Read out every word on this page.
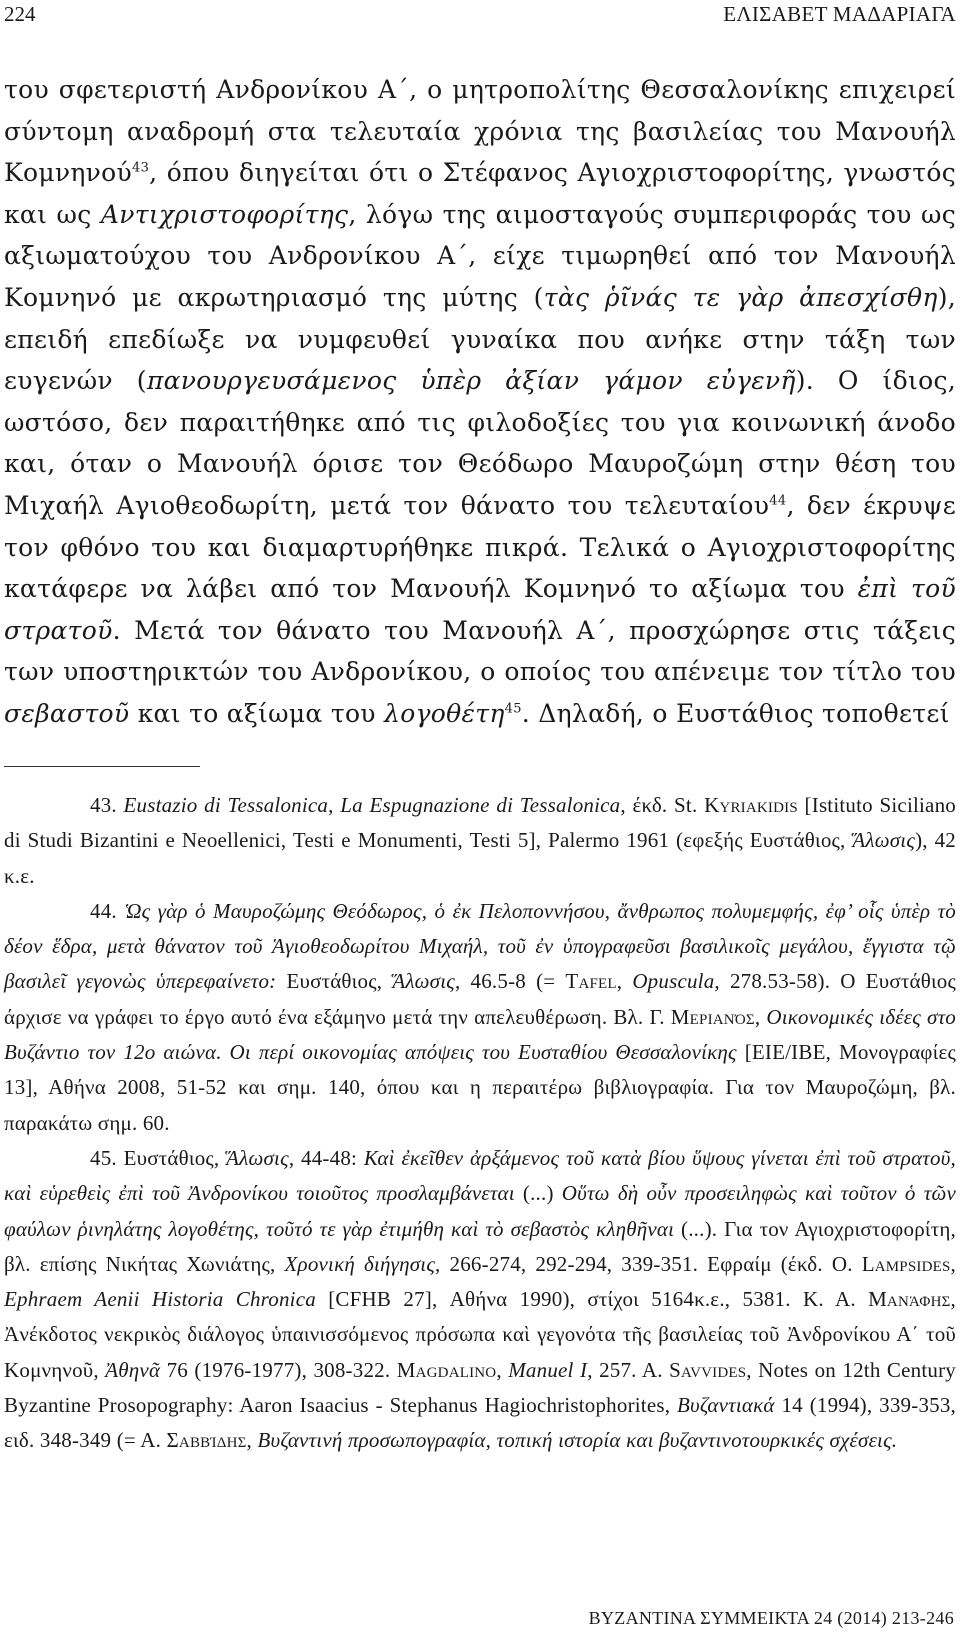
224	ΕΛΙΣΑΒΕΤ ΜΑΔΑΡΙΑΓΑ

του σφετεριστή Ανδρονίκου Α΄, ο μητροπολίτης Θεσσαλονίκης επιχειρεί σύντομη αναδρομή στα τελευταία χρόνια της βασιλείας του Μανουήλ Κομνηνού$^{43}$, όπου διηγείται ότι ο Στέφανος Αγιοχριστοφορίτης, γνωστός και ως Αντιχριστοφορίτης, λόγω της αιμοσταγούς συμπεριφοράς του ως αξιωματούχου του Ανδρονίκου Α΄, είχε τιμωρηθεί από τον Μανουήλ Κομνηνό με ακρωτηριασμό της μύτης (τὰς ῥῖνάς τε γὰρ ἀπεσχίσθη), επειδή επεδίωξε να νυμφευθεί γυναίκα που ανήκε στην τάξη των ευγενών (πανουργευσάμενος ὑπὲρ ἀξίαν γάμον εὐγενῆ). Ο ίδιος, ωστόσο, δεν παραιτήθηκε από τις φιλοδοξίες του για κοινωνική άνοδο και, όταν ο Μανουήλ όρισε τον Θεόδωρο Μαυροζώμη στην θέση του Μιχαήλ Αγιοθεοδωρίτη, μετά τον θάνατο του τελευταίου$^{44}$, δεν έκρυψε τον φθόνο του και διαμαρτυρήθηκε πικρά. Τελικά ο Αγιοχριστοφορίτης κατάφερε να λάβει από τον Μανουήλ Κομνηνό το αξίωμα του ἐπὶ τοῦ στρατοῦ. Μετά τον θάνατο του Μανουήλ Α΄, προσχώρησε στις τάξεις των υποστηρικτών του Ανδρονίκου, ο οποίος του απένειμε τον τίτλο του σεβαστοῦ και το αξίωμα του λογοθέτη$^{45}$. Δηλαδή, ο Ευστάθιος τοποθετεί

43. Eustazio di Tessalonica, La Espugnazione di Tessalonica, έκδ. St. Kyriakidis [Istituto Siciliano di Studi Bizantini e Neoellenici, Testi e Monumenti, Testi 5], Palermo 1961 (εφεξής Ευστάθιος, Ἅλωσις), 42 κ.ε.

44. Ὡς γὰρ ὁ Μαυροζώμης Θεόδωρος, ὁ ἐκ Πελοποννήσου, ἄνθρωπος πολυμεμφής, ἐφ’ οἷς ὑπὲρ τὸ δέον ἕδρα, μετὰ θάνατον τοῦ Ἁγιοθεοδωρίτου Μιχαήλ, τοῦ ἐν ὑπογραφεῦσι βασιλικοῖς μεγάλου, ἔγγιστα τῷ βασιλεῖ γεγονὼς ὑπερεφαίνετο: Ευστάθιος, Ἅλωσις, 46.5-8 (= Tafel, Opuscula, 278.53-58). Ο Ευστάθιος άρχισε να γράφει το έργο αυτό ένα εξάμηνο μετά την απελευθέρωση. Βλ. Γ. Μεριανός, Οικονομικές ιδέες στο Βυζάντιο τον 12ο αιώνα. Οι περί οικονομίας απόψεις του Ευσταθίου Θεσσαλονίκης [ΕΙΕ/ΙΒΕ, Μονογραφίες 13], Αθήνα 2008, 51-52 και σημ. 140, όπου και η περαιτέρω βιβλιογραφία. Για τον Μαυροζώμη, βλ. παρακάτω σημ. 60.

45. Ευστάθιος, Ἅλωσις, 44-48: Καὶ ἐκεῖθεν ἀρξάμενος τοῦ κατὰ βίου ὕψους γίνεται ἐπὶ τοῦ στρατοῦ, καὶ εὑρεθεὶς ἐπὶ τοῦ Ἀνδρονίκου τοιοῦτος προσλαμβάνεται (...) Οὕτω δὴ οὖν προσειληφὼς καὶ τοῦτον ὁ τῶν φαύλων ῥινηλάτης λογοθέτης, τοῦτό τε γὰρ ἐτιμήθη καὶ τὸ σεβαστὸς κληθῆναι (...). Για τον Αγιοχριστοφορίτη, βλ. επίσης Νικήτας Χωνιάτης, Χρονική διήγησις, 266-274, 292-294, 339-351. Εφραίμ (έκδ. O. Lampsides, Ephraem Aenii Historia Chronica [CFHB 27], Αθήνα 1990), στίχοι 5164κ.ε., 5381. Κ. Α. Μανάφης, Ἀνέκδοτος νεκρικὸς διάλογος ὑπαινισσόμενος πρόσωπα καὶ γεγονότα τῆς βασιλείας τοῦ Ἀνδρονίκου Α΄ τοῦ Κομνηνοῦ, Ἀθηνᾶ 76 (1976-1977), 308-322. Magdalino, Manuel I, 257. A. Savvides, Notes on 12th Century Byzantine Prosopography: Aaron Isaacius - Stephanus Hagiochristophorites, Βυζαντιακά 14 (1994), 339-353, ειδ. 348-349 (= Α. Σαββίδης, Βυζαντινή προσωπογραφία, τοπική ιστορία και βυζαντινοτουρκικές σχέσεις.

BYZANTINA ΣΥΜΜΕΙΚΤΑ 24 (2014) 213-246
